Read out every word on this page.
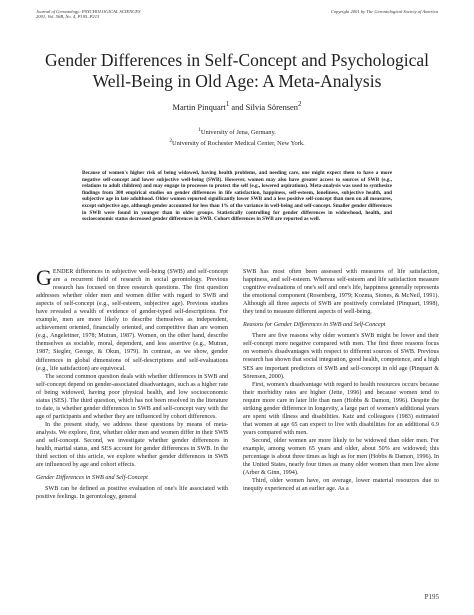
Journal of Gerontology: PSYCHOLOGICAL SCIENCES
2001, Vol. 56B, No. 4, P195–P213
Copyright 2001 by The Gerontological Society of America
Gender Differences in Self-Concept and Psychological
Well-Being in Old Age: A Meta-Analysis
Martin Pinquart$^1$ and Silvia Sörensen$^2$
$^1$University of Jena, Germany.
$^2$University of Rochester Medical Center, New York.
Because of women's higher risk of being widowed, having health problems, and needing care, one might expect them to have a more negative self-concept and lower subjective well-being (SWB). However, women may also have greater access to sources of SWB (e.g., relations to adult children) and may engage in processes to protect the self (e.g., lowered aspirations). Meta-analysis was used to synthesize findings from 300 empirical studies on gender differences in life satisfaction, happiness, self-esteem, loneliness, subjective health, and subjective age in late adulthood. Older women reported significantly lower SWB and a less positive self-concept than men on all measures, except subjective age, although gender accounted for less than 1% of the variance in well-being and self-concept. Smaller gender differences in SWB were found in younger than in older groups. Statistically controlling for gender differences in widowhood, health, and socioeconomic status decreased gender differences in SWB. Cohort differences in SWB are reported as well.

GENDER differences in subjective well-being (SWB) and self-concept are a recurrent field of research in social gerontology. Previous research has focused on three research questions. The first question addresses whether older men and women differ with regard to SWB and aspects of self-concept (e.g., self-esteem, subjective age). Previous studies have revealed a wealth of evidence of gender-typed self-descriptions. For example, men are more likely to describe themselves as independent, achievement oriented, financially oriented, and competitive than are women (e.g., Angeleitner, 1978; Mutran, 1987). Women, on the other hand, describe themselves as sociable, moral, dependent, and less assertive (e.g., Mutran, 1987; Siegler, George, & Okun, 1979). In contrast, as we show, gender differences in global dimensions of self-descriptions and self-evaluations (e.g., life satisfaction) are equivocal.

The second common question deals with whether differences in SWB and self-concept depend on gender-associated disadvantages, such as a higher rate of being widowed, having poor physical health, and low socioeconomic status (SES). The third question, which has not been resolved in the literature to date, is whether gender differences in SWB and self-concept vary with the age of participants and whether they are influenced by cohort differences.

In the present study, we address these questions by means of meta-analysis. We explore, first, whether older men and women differ in their SWB and self-concept. Second, we investigate whether gender differences in health, marital status, and SES account for gender differences in SWB. In the third section of this article, we explore whether gender differences in SWB are influenced by age and cohort effects.

Gender Differences in SWB and Self-Concept

SWB can be defined as positive evaluation of one's life associated with positive feelings. In gerontology, general

SWB has most often been assessed with measures of life satisfaction, happiness, and self-esteem. Whereas self-esteem and life satisfaction measure cognitive evaluations of one's self and one's life, happiness generally represents the emotional component (Rosenberg, 1979; Kozma, Stones, & McNeil, 1991). Although all three aspects of SWB are positively correlated (Pinquart, 1998), they tend to measure different aspects of well-being.

Reasons for Gender Differences in SWB and Self-Concept

There are five reasons why older women's SWB might be lower and their self-concept more negative compared with men. The first three reasons focus on women's disadvantages with respect to different sources of SWB. Previous research has shown that social integration, good health, competence, and a high SES are important predictors of SWB and self-concept in old age (Pinquart & Sörensen, 2000).

First, women's disadvantage with regard to health resources occurs because their morbidity rates are higher (Jette, 1996) and because women tend to require more care in later life than men (Hobbs & Damon, 1996). Despite the striking gender difference in longevity, a large part of women's additional years are spent with illness and disabilities. Katz and colleagues (1983) estimated that women at age 65 can expect to live with disabilities for an additional 6.9 years compared with men.

Second, older women are more likely to be widowed than older men. For example, among women 65 years and older, about 50% are widowed; this percentage is about three times as high as for men (Hobbs & Damon, 1996). In the United States, nearly four times as many older women than men live alone (Arber & Ginn, 1994).

Third, older women have, on average, lower material resources due to inequity experienced at an earlier age. As a

P195
